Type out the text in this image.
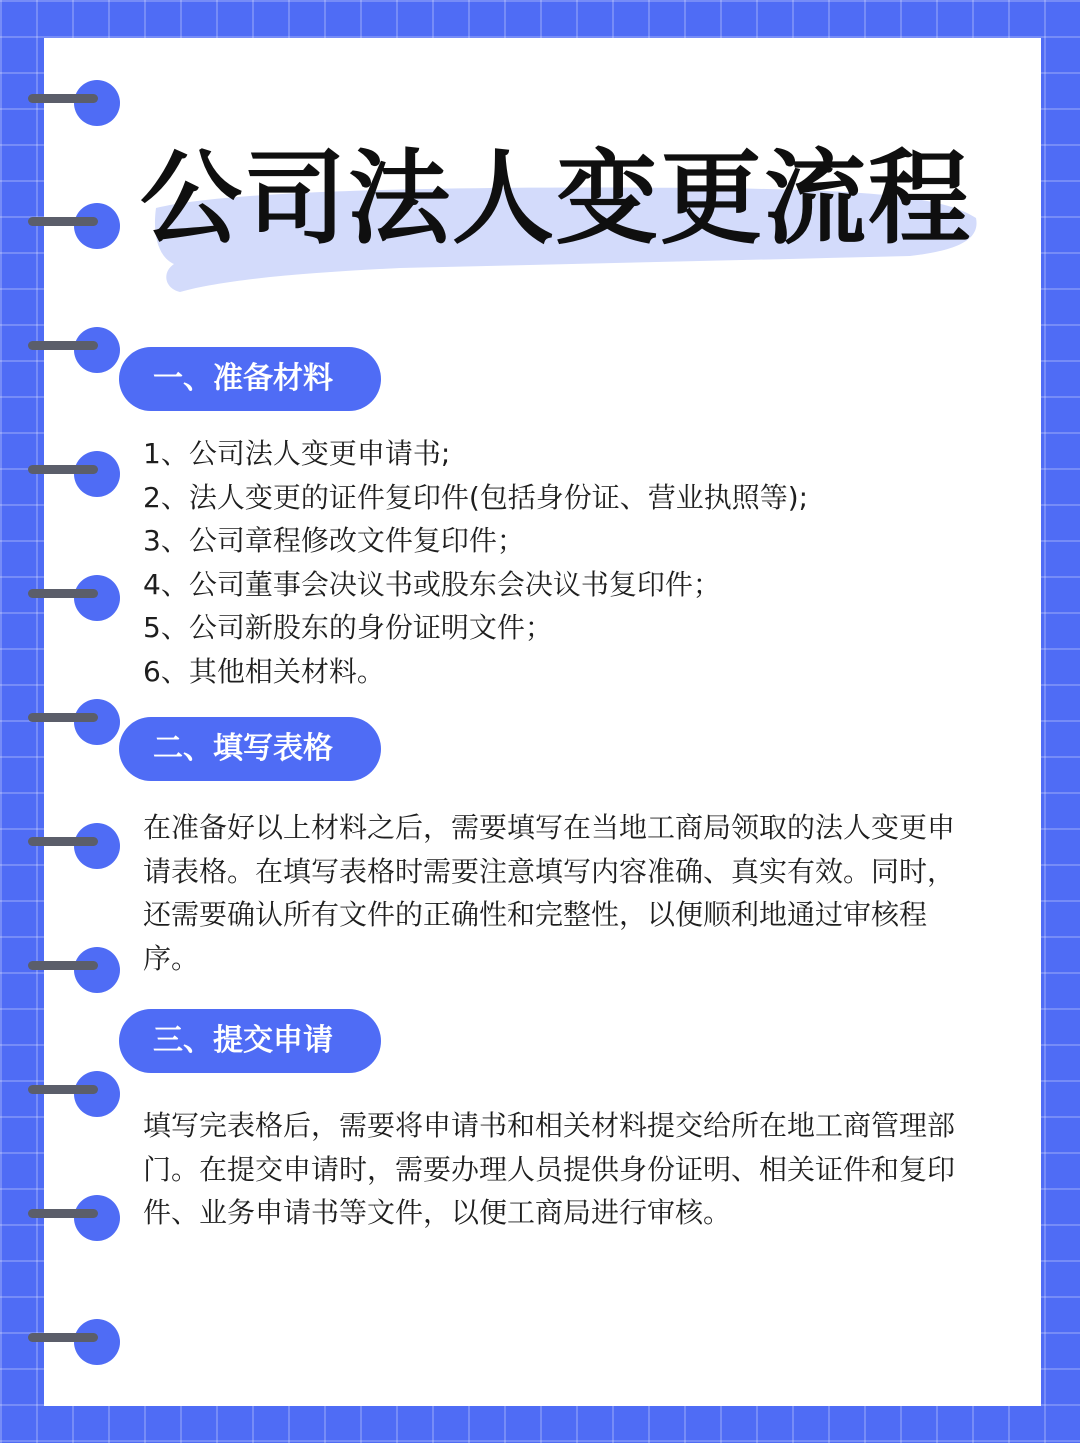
公司法人变更流程
一、准备材料
1、公司法人变更申请书;
2、法人变更的证件复印件(包括身份证、营业执照等);
3、公司章程修改文件复印件；
4、公司董事会决议书或股东会决议书复印件；
5、公司新股东的身份证明文件；
6、其他相关材料。
二、填写表格

在准备好以上材料之后，需要填写在当地工商局领取的法人变更申请表格。在填写表格时需要注意填写内容准确、真实有效。同时，还需要确认所有文件的正确性和完整性，以便顺利地通过审核程序。

三、提交申请

填写完表格后，需要将申请书和相关材料提交给所在地工商管理部门。在提交申请时，需要办理人员提供身份证明、相关证件和复印件、业务申请书等文件，以便工商局进行审核。
